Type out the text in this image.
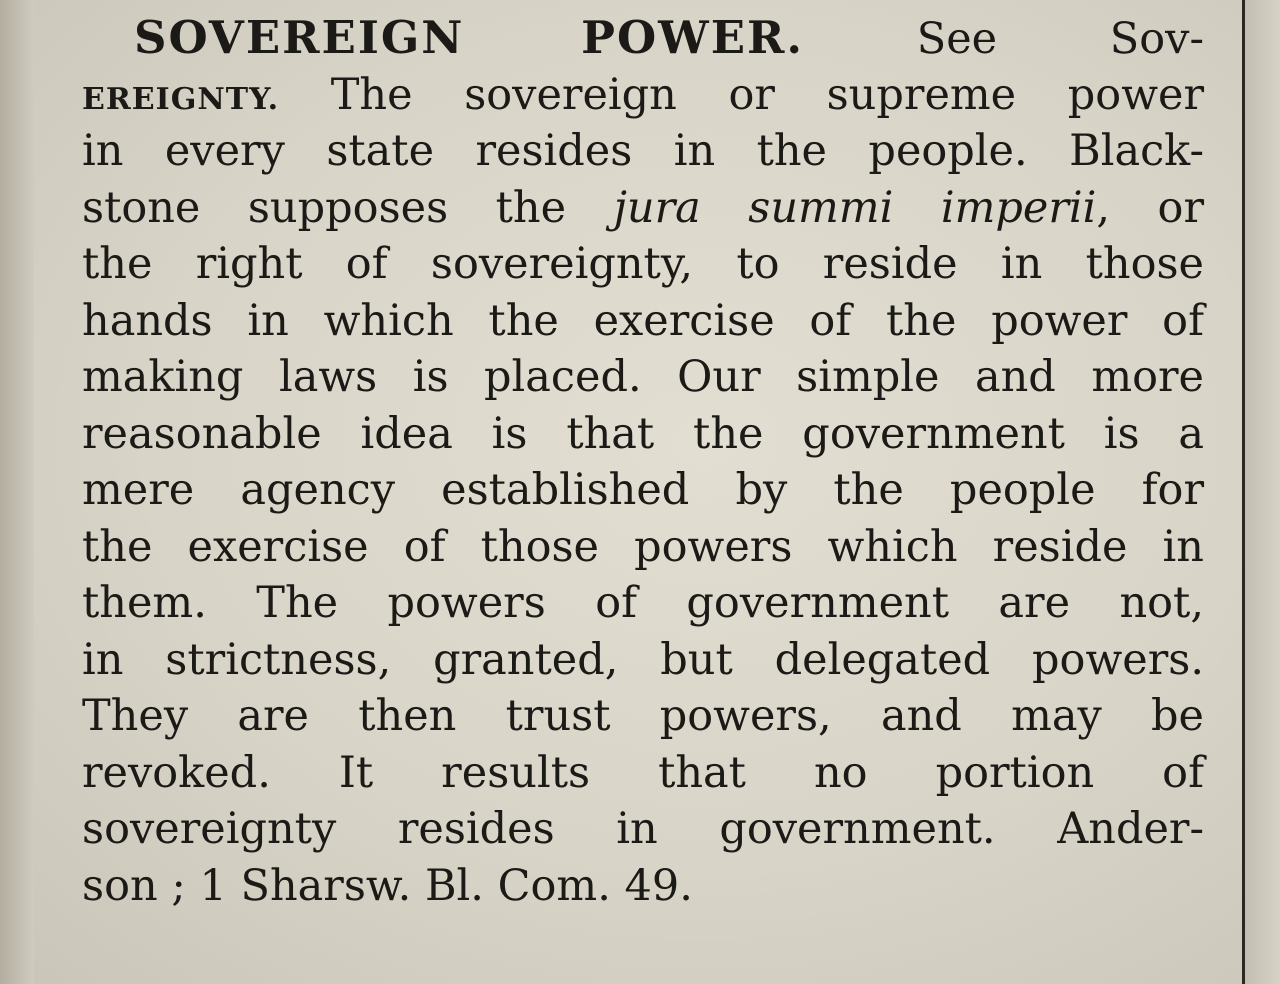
SOVEREIGN POWER.	See Sov-
EREIGNTY. The sovereign or supreme power
in every state resides in the people. Black-
stone supposes the jura summi imperii, or
the right of sovereignty, to reside in those
hands in which the exercise of the power of
making laws is placed. Our simple and more
reasonable idea is that the government is a
mere agency established by the people for
the exercise of those powers which reside in
them. The powers of government are not,
in strictness, granted, but delegated powers.
They are then trust powers, and may be
revoked. It results that no portion of
sovereignty resides in government. Ander-
son ; 1 Sharsw. Bl. Com. 49.
